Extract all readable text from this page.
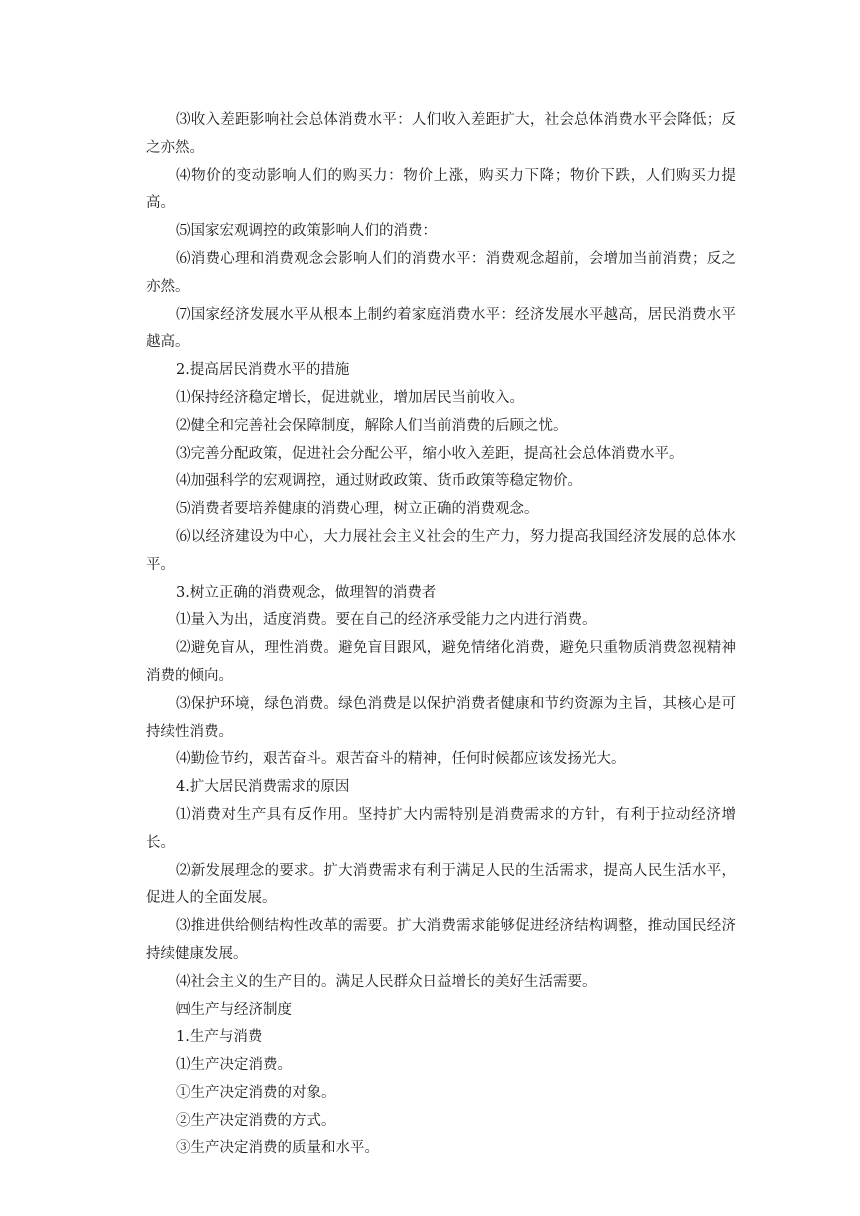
⑶收入差距影响社会总体消费水平：人们收入差距扩大，社会总体消费水平会降低；反之亦然。

⑷物价的变动影响人们的购买力：物价上涨，购买力下降；物价下跌，人们购买力提高。

⑸国家宏观调控的政策影响人们的消费：

⑹消费心理和消费观念会影响人们的消费水平：消费观念超前，会增加当前消费；反之亦然。

⑺国家经济发展水平从根本上制约着家庭消费水平：经济发展水平越高，居民消费水平越高。

2.提高居民消费水平的措施

⑴保持经济稳定增长，促进就业，增加居民当前收入。

⑵健全和完善社会保障制度，解除人们当前消费的后顾之忧。

⑶完善分配政策，促进社会分配公平，缩小收入差距，提高社会总体消费水平。

⑷加强科学的宏观调控，通过财政政策、货币政策等稳定物价。

⑸消费者要培养健康的消费心理，树立正确的消费观念。

⑹以经济建设为中心，大力展社会主义社会的生产力，努力提高我国经济发展的总体水平。

3.树立正确的消费观念，做理智的消费者

⑴量入为出，适度消费。要在自己的经济承受能力之内进行消费。

⑵避免盲从，理性消费。避免盲目跟风，避免情绪化消费，避免只重物质消费忽视精神消费的倾向。

⑶保护环境，绿色消费。绿色消费是以保护消费者健康和节约资源为主旨，其核心是可持续性消费。

⑷勤俭节约，艰苦奋斗。艰苦奋斗的精神，任何时候都应该发扬光大。

4.扩大居民消费需求的原因

⑴消费对生产具有反作用。坚持扩大内需特别是消费需求的方针，有利于拉动经济增长。

⑵新发展理念的要求。扩大消费需求有利于满足人民的生活需求，提高人民生活水平，促进人的全面发展。

⑶推进供给侧结构性改革的需要。扩大消费需求能够促进经济结构调整，推动国民经济持续健康发展。

⑷社会主义的生产目的。满足人民群众日益增长的美好生活需要。

㈣生产与经济制度

1.生产与消费

⑴生产决定消费。

①生产决定消费的对象。

②生产决定消费的方式。

③生产决定消费的质量和水平。
